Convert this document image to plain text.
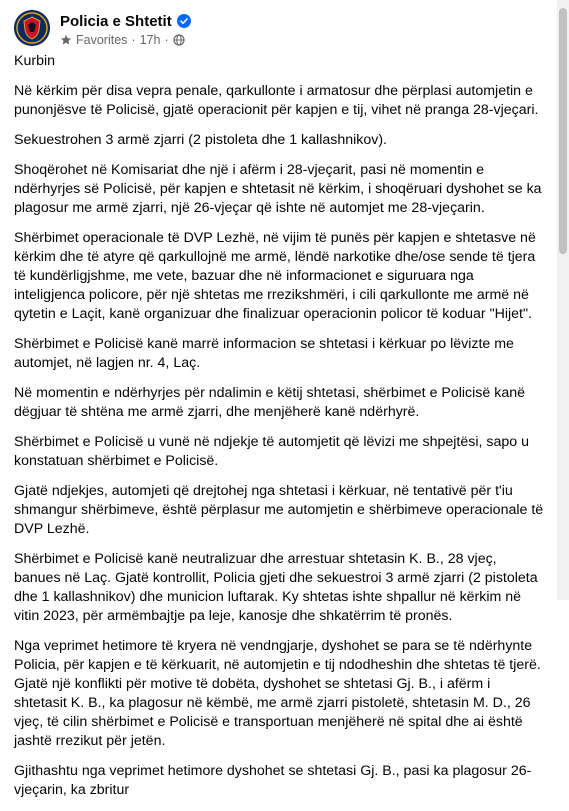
Policia e Shtetit
Favorites · 17h ·

Kurbin

Në kërkim për disa vepra penale, qarkullonte i armatosur dhe përplasi automjetin e punonjësve të Policisë, gjatë operacionit për kapjen e tij, vihet në pranga 28-vjeçari.

Sekuestrohen 3 armë zjarri (2 pistoleta dhe 1 kallashnikov).

Shoqërohet në Komisariat dhe një i afërm i 28-vjeçarit, pasi në momentin e ndërhyrjes së Policisë, për kapjen e shtetasit në kërkim, i shoqëruari dyshohet se ka plagosur me armë zjarri, një 26-vjeçar që ishte në automjet me 28-vjeçarin.

Shërbimet operacionale të DVP Lezhë, në vijim të punës për kapjen e shtetasve në kërkim dhe të atyre që qarkullojnë me armë, lëndë narkotike dhe/ose sende të tjera të kundërligjshme, me vete, bazuar dhe në informacionet e siguruara nga inteligjenca policore, për një shtetas me rrezikshmëri, i cili qarkullonte me armë në qytetin e Laçit, kanë organizuar dhe finalizuar operacionin policor të koduar "Hijet".

Shërbimet e Policisë kanë marrë informacion se shtetasi i kërkuar po lëvizte me automjet, në lagjen nr. 4, Laç.

Në momentin e ndërhyrjes për ndalimin e këtij shtetasi, shërbimet e Policisë kanë dëgjuar të shtëna me armë zjarri, dhe menjëherë kanë ndërhyrë.

Shërbimet e Policisë u vunë në ndjekje të automjetit që lëvizi me shpejtësi, sapo u konstatuan shërbimet e Policisë.

Gjatë ndjekjes, automjeti që drejtohej nga shtetasi i kërkuar, në tentativë për t'iu shmangur shërbimeve, është përplasur me automjetin e shërbimeve operacionale të DVP Lezhë.

Shërbimet e Policisë kanë neutralizuar dhe arrestuar shtetasin K. B., 28 vjeç, banues në Laç. Gjatë kontrollit, Policia gjeti dhe sekuestroi 3 armë zjarri (2 pistoleta dhe 1 kallashnikov) dhe municion luftarak. Ky shtetas ishte shpallur në kërkim në vitin 2023, për armëmbajtje pa leje, kanosje dhe shkatërrim të pronës.

Nga veprimet hetimore të kryera në vendngjarje, dyshohet se para se të ndërhynte Policia, për kapjen e të kërkuarit, në automjetin e tij ndodheshin dhe shtetas të tjerë. Gjatë një konflikti për motive të dobëta, dyshohet se shtetasi Gj. B., i afërm i shtetasit K. B., ka plagosur në këmbë, me armë zjarri pistoletë, shtetasin M. D., 26 vjeç, të cilin shërbimet e Policisë e transportuan menjëherë në spital dhe ai është jashtë rrezikut për jetën.

Gjithashtu nga veprimet hetimore dyshohet se shtetasi Gj. B., pasi ka plagosur 26-vjeçarin, ka zbritur
